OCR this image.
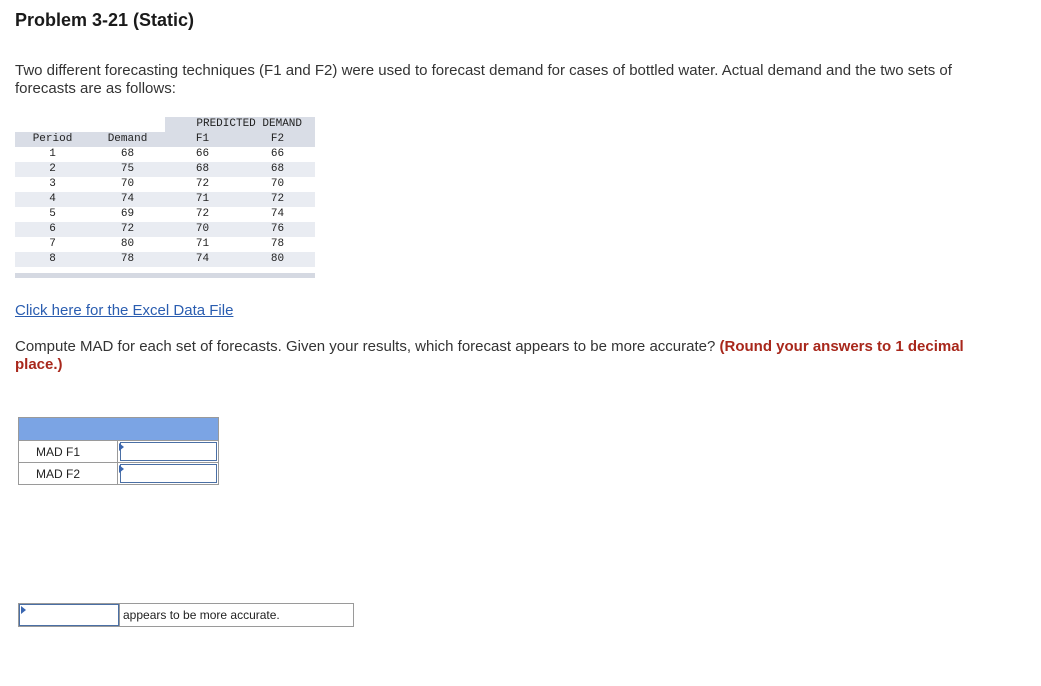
Problem 3-21 (Static)

Two different forecasting techniques (F1 and F2) were used to forecast demand for cases of bottled water. Actual demand and the two sets of forecasts are as follows:

		PREDICTED DEMAND	
Period	Demand	F1	F2
1	68	66	66
2	75	68	68
3	70	72	70
4	74	71	72
5	69	72	74
6	72	70	76
7	80	71	78
8	78	74	80
Click here for the Excel Data File

Compute MAD for each set of forecasts. Given your results, which forecast appears to be more accurate? (Round your answers to 1 decimal place.)

MAD F1	

MAD F2	
appears to be more accurate.
